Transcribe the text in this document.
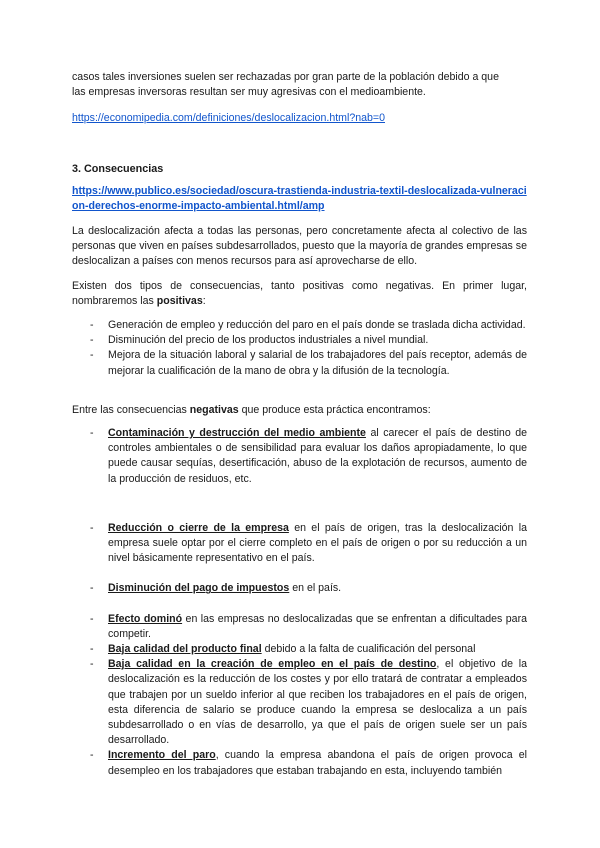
casos tales inversiones suelen ser rechazadas por gran parte de la población debido a que
las empresas inversoras resultan ser muy agresivas con el medioambiente.
https://economipedia.com/definiciones/deslocalizacion.html?nab=0
3. Consecuencias
https://www.publico.es/sociedad/oscura-trastienda-industria-textil-deslocalizada-vulneracion-derechos-enorme-impacto-ambiental.html/amp
La deslocalización afecta a todas las personas, pero concretamente afecta al colectivo de las personas que viven en países subdesarrollados, puesto que la mayoría de grandes empresas se deslocalizan a países con menos recursos para así aprovecharse de ello.
Existen dos tipos de consecuencias, tanto positivas como negativas. En primer lugar, nombraremos las positivas:
- Generación de empleo y reducción del paro en el país donde se traslada dicha actividad.
- Disminución del precio de los productos industriales a nivel mundial.
- Mejora de la situación laboral y salarial de los trabajadores del país receptor, además de mejorar la cualificación de la mano de obra y la difusión de la tecnología.
Entre las consecuencias negativas que produce esta práctica encontramos:
- Contaminación y destrucción del medio ambiente al carecer el país de destino de controles ambientales o de sensibilidad para evaluar los daños apropiadamente, lo que puede causar sequías, desertificación, abuso de la explotación de recursos, aumento de la producción de residuos, etc.
- Reducción o cierre de la empresa en el país de origen, tras la deslocalización la empresa suele optar por el cierre completo en el país de origen o por su reducción a un nivel básicamente representativo en el país.
- Disminución del pago de impuestos en el país.
- Efecto dominó en las empresas no deslocalizadas que se enfrentan a dificultades para competir.
- Baja calidad del producto final debido a la falta de cualificación del personal
- Baja calidad en la creación de empleo en el país de destino, el objetivo de la deslocalización es la reducción de los costes y por ello tratará de contratar a empleados que trabajen por un sueldo inferior al que reciben los trabajadores en el país de origen, esta diferencia de salario se produce cuando la empresa se deslocaliza a un país subdesarrollado o en vías de desarrollo, ya que el país de origen suele ser un país desarrollado.
- Incremento del paro, cuando la empresa abandona el país de origen provoca el desempleo en los trabajadores que estaban trabajando en esta, incluyendo también
